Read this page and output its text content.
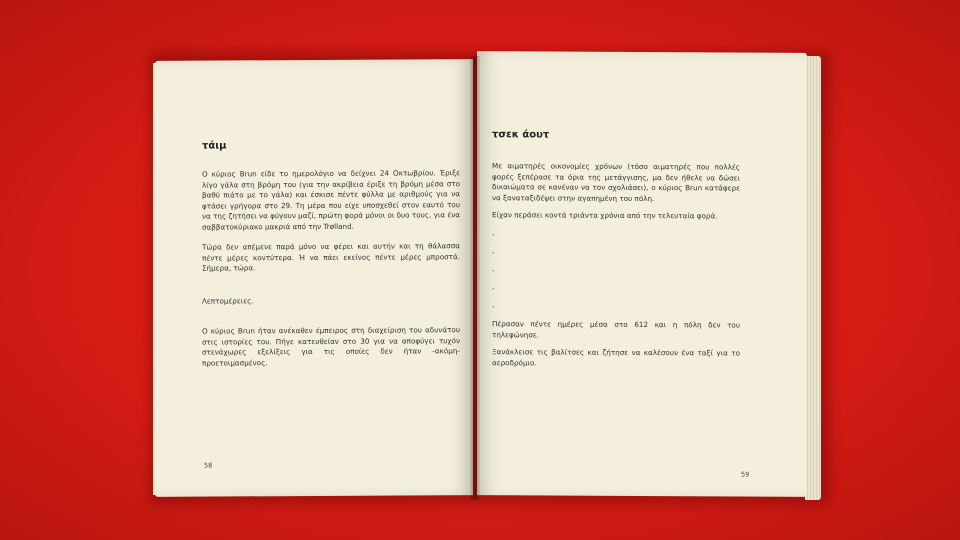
τάιμ

Ο κύριος Brun είδε το ημερολόγιο να δείχνει 24 Οκτωβρίου. Έριξε λίγο γάλα στη βρόμη του (για την ακρίβεια έριξε τη βρόμη μέσα στο βαθύ πιάτο με το γάλα) και έσκισε πέντε φύλλα με αριθμούς για να φτάσει γρήγορα στο 29. Τη μέρα που είχε υποσχεθεί στον εαυτό του να της ζητήσει να φύγουν μαζί, πρώτη φορά μόνοι οι δυο τους, για ένα σαββατοκύριακο μακριά από την Trølland.

Τώρα δεν απέμενε παρά μόνο να φέρει και αυτήν και τη θάλασσα πέντε μέρες κοντύτερα. Ή να πάει εκείνος πέντε μέρες μπροστά. Σήμερα, τώρα.

Λεπτομέρειες.

Ο κύριος Brun ήταν ανέκαθεν έμπειρος στη διαχείριση του αδυνάτου στις ιστορίες του. Πήγε κατευθείαν στο 30 για να αποφύγει τυχόν στενάχωρες εξελίξεις για τις οποίες δεν ήταν -ακόμη- προετοιμασμένος.

58
τσεκ άουτ

Με αιματηρές οικονομίες χρόνων (τόσο αιματηρές που πολλές φορές ξεπέρασε τα όρια της μετάγγισης, μα δεν ήθελε να δώσει δικαιώματα σε κανέναν να τον σχολιάσει), ο κύριος Brun κατάφερε να ξαναταξιδέψει στην αγαπημένη του πόλη.

Είχαν περάσει κοντά τριάντα χρόνια από την τελευταία φορά.

.
.
.
.
.

Πέρασαν πέντε ημέρες μέσα στο 612 και η πόλη δεν του τηλεφώνησε.

Ξανάκλεισε τις βαλίτσες και ζήτησε να καλέσουν ένα ταξί για το αεροδρόμιο.

59
